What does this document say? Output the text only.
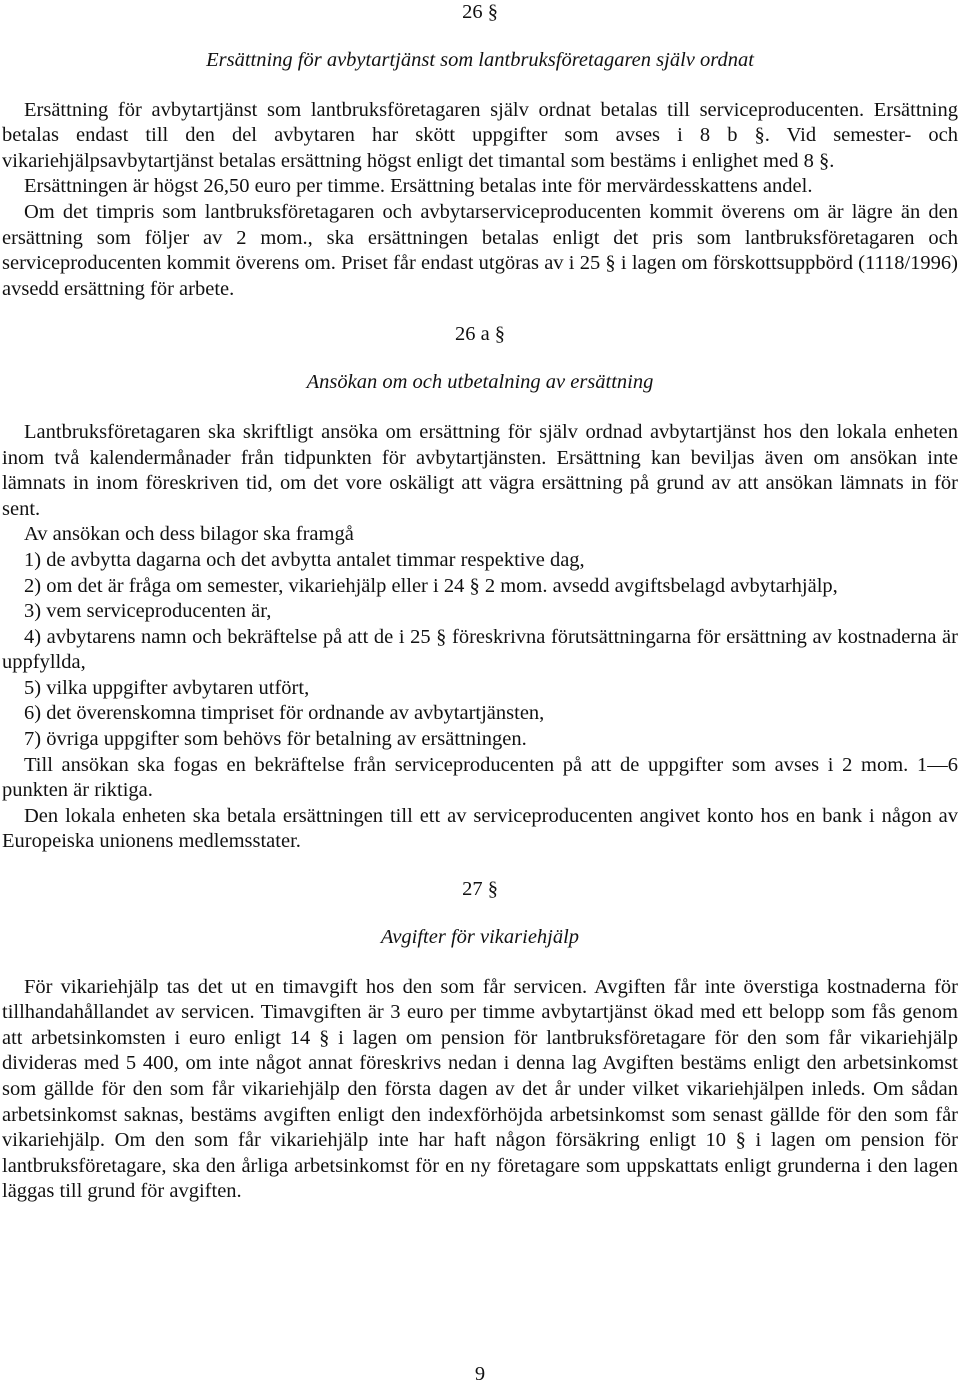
26 §
Ersättning för avbytartjänst som lantbruksföretagaren själv ordnat

Ersättning för avbytartjänst som lantbruksföretagaren själv ordnat betalas till serviceproducenten. Ersättning betalas endast till den del avbytaren har skött uppgifter som avses i 8 b §. Vid semester- och vikariehjälpsavbytartjänst betalas ersättning högst enligt det timantal som bestäms i enlighet med 8 §.

Ersättningen är högst 26,50 euro per timme. Ersättning betalas inte för mervärdesskattens andel.

Om det timpris som lantbruksföretagaren och avbytarserviceproducenten kommit överens om är lägre än den ersättning som följer av 2 mom., ska ersättningen betalas enligt det pris som lantbruksföretagaren och serviceproducenten kommit överens om. Priset får endast utgöras av i 25 § i lagen om förskottsuppbörd (1118/1996) avsedd ersättning för arbete.

26 a §
Ansökan om och utbetalning av ersättning

Lantbruksföretagaren ska skriftligt ansöka om ersättning för själv ordnad avbytartjänst hos den lokala enheten inom två kalendermånader från tidpunkten för avbytartjänsten. Ersättning kan beviljas även om ansökan inte lämnats in inom föreskriven tid, om det vore oskäligt att vägra ersättning på grund av att ansökan lämnats in för sent.

Av ansökan och dess bilagor ska framgå

1) de avbytta dagarna och det avbytta antalet timmar respektive dag,

2) om det är fråga om semester, vikariehjälp eller i 24 § 2 mom. avsedd avgiftsbelagd avbytarhjälp,

3) vem serviceproducenten är,

4) avbytarens namn och bekräftelse på att de i 25 § föreskrivna förutsättningarna för ersättning av kostnaderna är uppfyllda,

5) vilka uppgifter avbytaren utfört,

6) det överenskomna timpriset för ordnande av avbytartjänsten,

7) övriga uppgifter som behövs för betalning av ersättningen.

Till ansökan ska fogas en bekräftelse från serviceproducenten på att de uppgifter som avses i 2 mom. 1—6 punkten är riktiga.

Den lokala enheten ska betala ersättningen till ett av serviceproducenten angivet konto hos en bank i någon av Europeiska unionens medlemsstater.

27 §
Avgifter för vikariehjälp

För vikariehjälp tas det ut en timavgift hos den som får servicen. Avgiften får inte överstiga kostnaderna för tillhandahållandet av servicen. Timavgiften är 3 euro per timme avbytartjänst ökad med ett belopp som fås genom att arbetsinkomsten i euro enligt 14 § i lagen om pension för lantbruksföretagare för den som får vikariehjälp divideras med 5 400, om inte något annat föreskrivs nedan i denna lag Avgiften bestäms enligt den arbetsinkomst som gällde för den som får vikariehjälp den första dagen av det år under vilket vikariehjälpen inleds. Om sådan arbetsinkomst saknas, bestäms avgiften enligt den indexförhöjda arbetsinkomst som senast gällde för den som får vikariehjälp. Om den som får vikariehjälp inte har haft någon försäkring enligt 10 § i lagen om pension för lantbruksföretagare, ska den årliga arbetsinkomst för en ny företagare som uppskattats enligt grunderna i den lagen läggas till grund för avgiften.

9
